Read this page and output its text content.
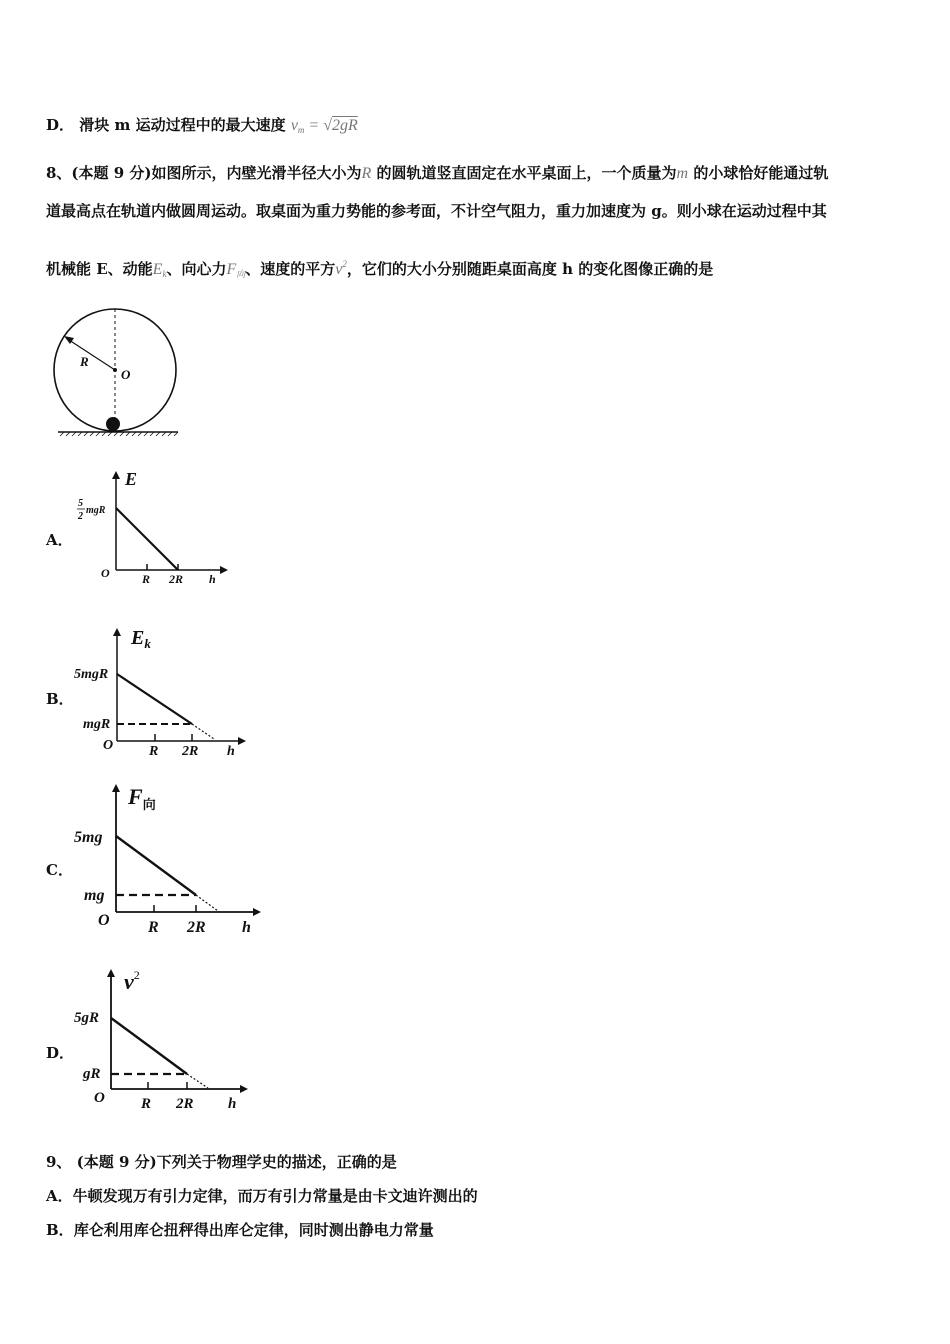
D． 滑块 m 运动过程中的最大速度 $v_m = √2gR$
8、(本题 9 分)如图所示，内壁光滑半径大小为R 的圆轨道竖直固定在水平桌面上，一个质量为m 的小球恰好能通过轨
道最高点在轨道内做圆周运动。取桌面为重力势能的参考面，不计空气阻力，重力加速度为 g。则小球在运动过程中其
机械能 E、动能$E_k$、向心力$F_向$、速度的平方$v^2$，它们的大小分别随距桌面高度 h 的变化图像正确的是
R
O
A．
E
5
2
mgR
O	R 2R h
B．
$E_k$
5mgR
mgR
O	R 2R h
C．
$F_向$
5mg
mg
O R 2R h
D．
$v^2$
5gR
gR
O R 2R h
9、 (本题 9 分)下列关于物理学史的描述，正确的是
A．牛顿发现万有引力定律，而万有引力常量是由卡文迪许测出的
B．库仑利用库仑扭秤得出库仑定律，同时测出静电力常量
